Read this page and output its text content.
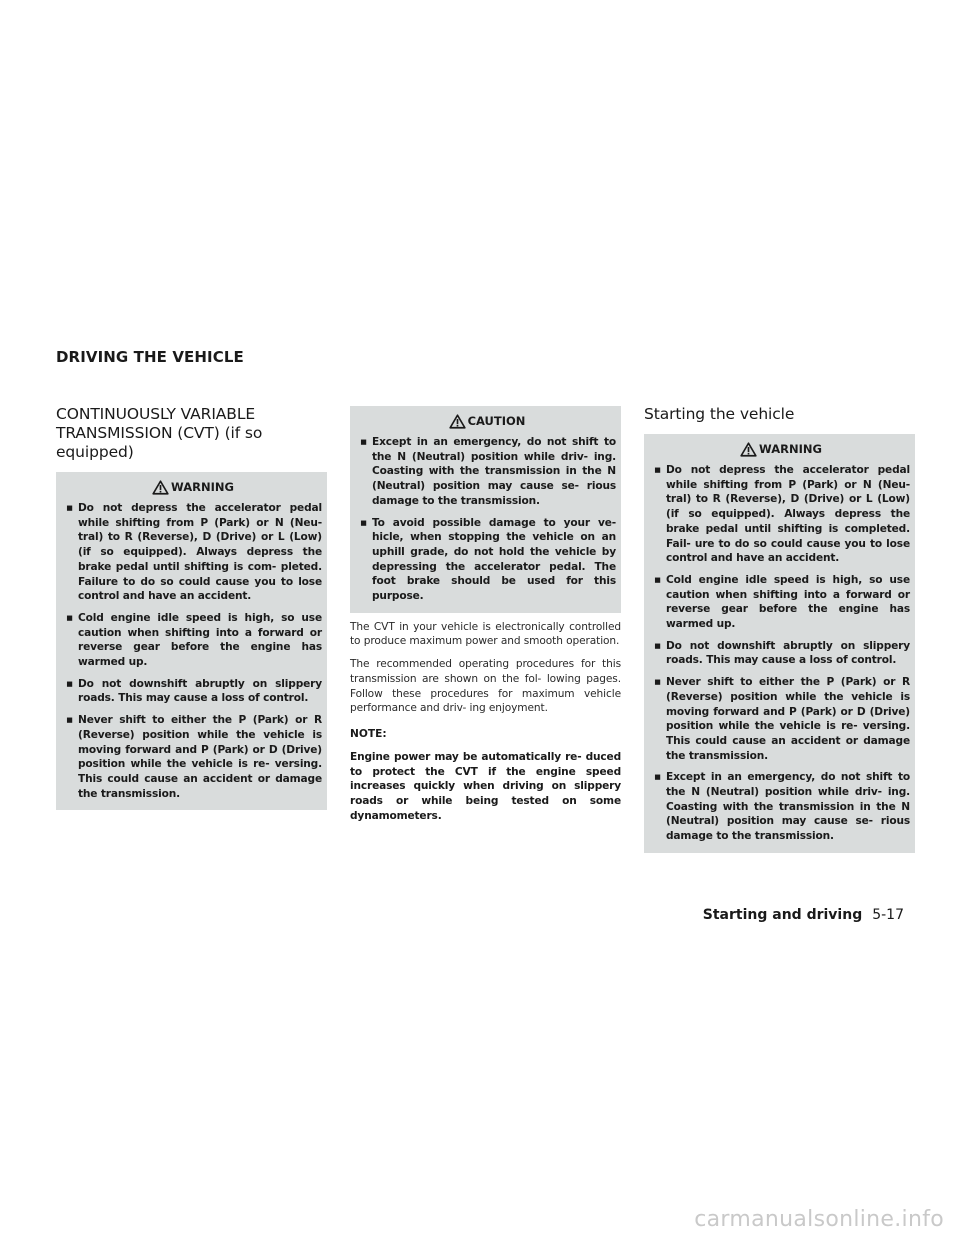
DRIVING THE VEHICLE
CONTINUOUSLY VARIABLE TRANSMISSION (CVT) (if so equipped)
WARNING
▪ Do not depress the accelerator pedal while shifting from P (Park) or N (Neu- tral) to R (Reverse), D (Drive) or L (Low) (if so equipped). Always depress the brake pedal until shifting is com- pleted. Failure to do so could cause you to lose control and have an accident.
▪ Cold engine idle speed is high, so use caution when shifting into a forward or reverse gear before the engine has warmed up.
▪ Do not downshift abruptly on slippery roads. This may cause a loss of control.
▪ Never shift to either the P (Park) or R (Reverse) position while the vehicle is moving forward and P (Park) or D (Drive) position while the vehicle is re- versing. This could cause an accident or damage the transmission.
CAUTION
▪ Except in an emergency, do not shift to the N (Neutral) position while driv- ing. Coasting with the transmission in the N (Neutral) position may cause se- rious damage to the transmission.
▪ To avoid possible damage to your ve- hicle, when stopping the vehicle on an uphill grade, do not hold the vehicle by depressing the accelerator pedal. The foot brake should be used for this purpose.

The CVT in your vehicle is electronically controlled to produce maximum power and smooth operation.

The recommended operating procedures for this transmission are shown on the fol- lowing pages. Follow these procedures for maximum vehicle performance and driv- ing enjoyment.

NOTE:

Engine power may be automatically re- duced to protect the CVT if the engine speed increases quickly when driving on slippery roads or while being tested on some dynamometers.

Starting the vehicle
WARNING
▪ Do not depress the accelerator pedal while shifting from P (Park) or N (Neu- tral) to R (Reverse), D (Drive) or L (Low) (if so equipped). Always depress the brake pedal until shifting is completed. Fail- ure to do so could cause you to lose control and have an accident.
▪ Cold engine idle speed is high, so use caution when shifting into a forward or reverse gear before the engine has warmed up.
▪ Do not downshift abruptly on slippery roads. This may cause a loss of control.
▪ Never shift to either the P (Park) or R (Reverse) position while the vehicle is moving forward and P (Park) or D (Drive) position while the vehicle is re- versing. This could cause an accident or damage the transmission.
▪ Except in an emergency, do not shift to the N (Neutral) position while driv- ing. Coasting with the transmission in the N (Neutral) position may cause se- rious damage to the transmission.
Starting and driving 5-17
carmanualsonline.info
